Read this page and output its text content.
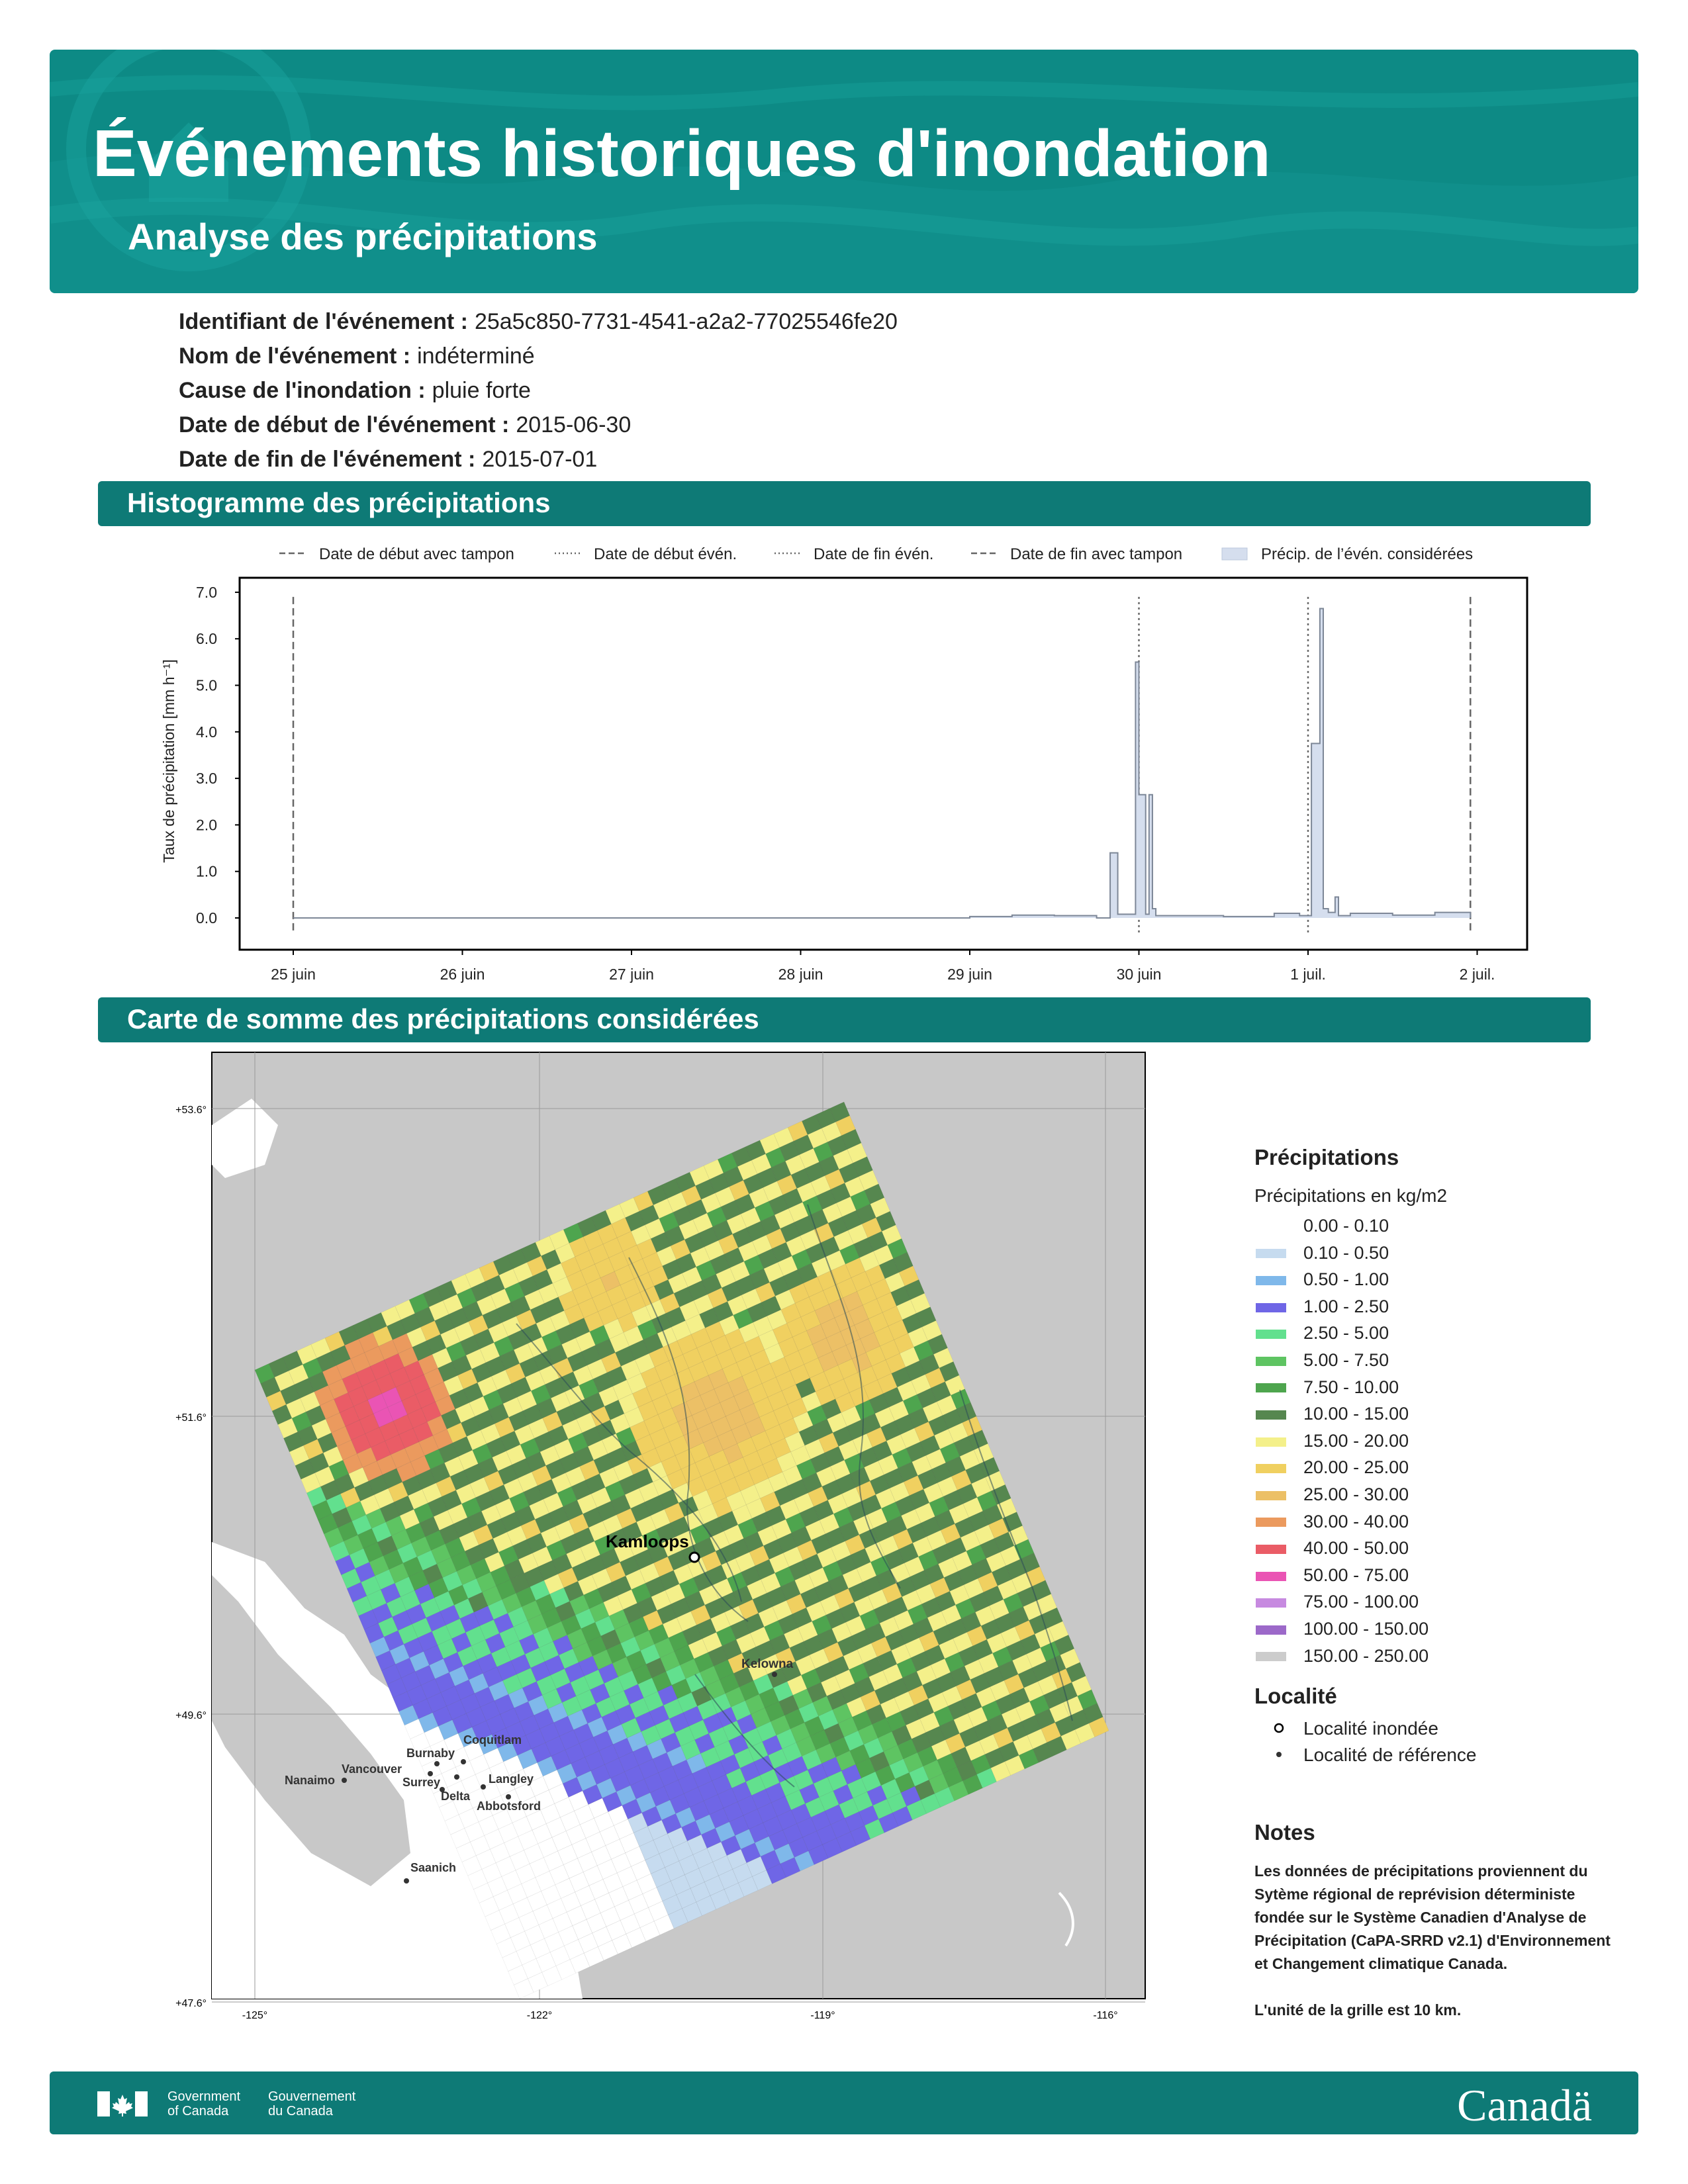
Événements historiques d'inondation
Analyse des précipitations
Identifiant de l'événement : 25a5c850-7731-4541-a2a2-77025546fe20
Nom de l'événement : indéterminé
Cause de l'inondation : pluie forte
Date de début de l'événement : 2015-06-30
Date de fin de l'événement : 2015-07-01
Histogramme des précipitations
Date de début avec tampon	Date de début évén.	Date de fin évén.	Date de fin avec tampon	Précip. de l’évén. considérées
0.0
1.0
2.0
3.0
4.0
5.0
6.0
7.0
25 juin	26 juin	27 juin	28 juin	29 juin	30 juin	1 juil.	2 juil.
Taux de précipitation [mm h⁻¹]
Carte de somme des précipitations considérées
Kamloops
Kelowna
Burnaby
Coquitlam
Vancouver
Surrey	Langley
Delta
Abbotsford
Nanaimo
Saanich
+53.6°
+51.6°
+49.6°
+47.6°
-125°	-122°	-119°	-116°
Précipitations
Précipitations en kg/m2
0.00 - 0.10
0.10 - 0.50
0.50 - 1.00
1.00 - 2.50
2.50 - 5.00
5.00 - 7.50
7.50 - 10.00
10.00 - 15.00
15.00 - 20.00
20.00 - 25.00
25.00 - 30.00
30.00 - 40.00
40.00 - 50.00
50.00 - 75.00
75.00 - 100.00
100.00 - 150.00
150.00 - 250.00
Localité
Localité inondée
Localité de référence
Notes

Les données de précipitations proviennent du Sytème régional de reprévision déterministe fondée sur le Système Canadien d'Analyse de Précipitation (CaPA-SRRD v2.1) d'Environnement et Changement climatique Canada.

L'unité de la grille est 10 km.

Government
of Canada
Gouvernement
du Canada	Canadä
